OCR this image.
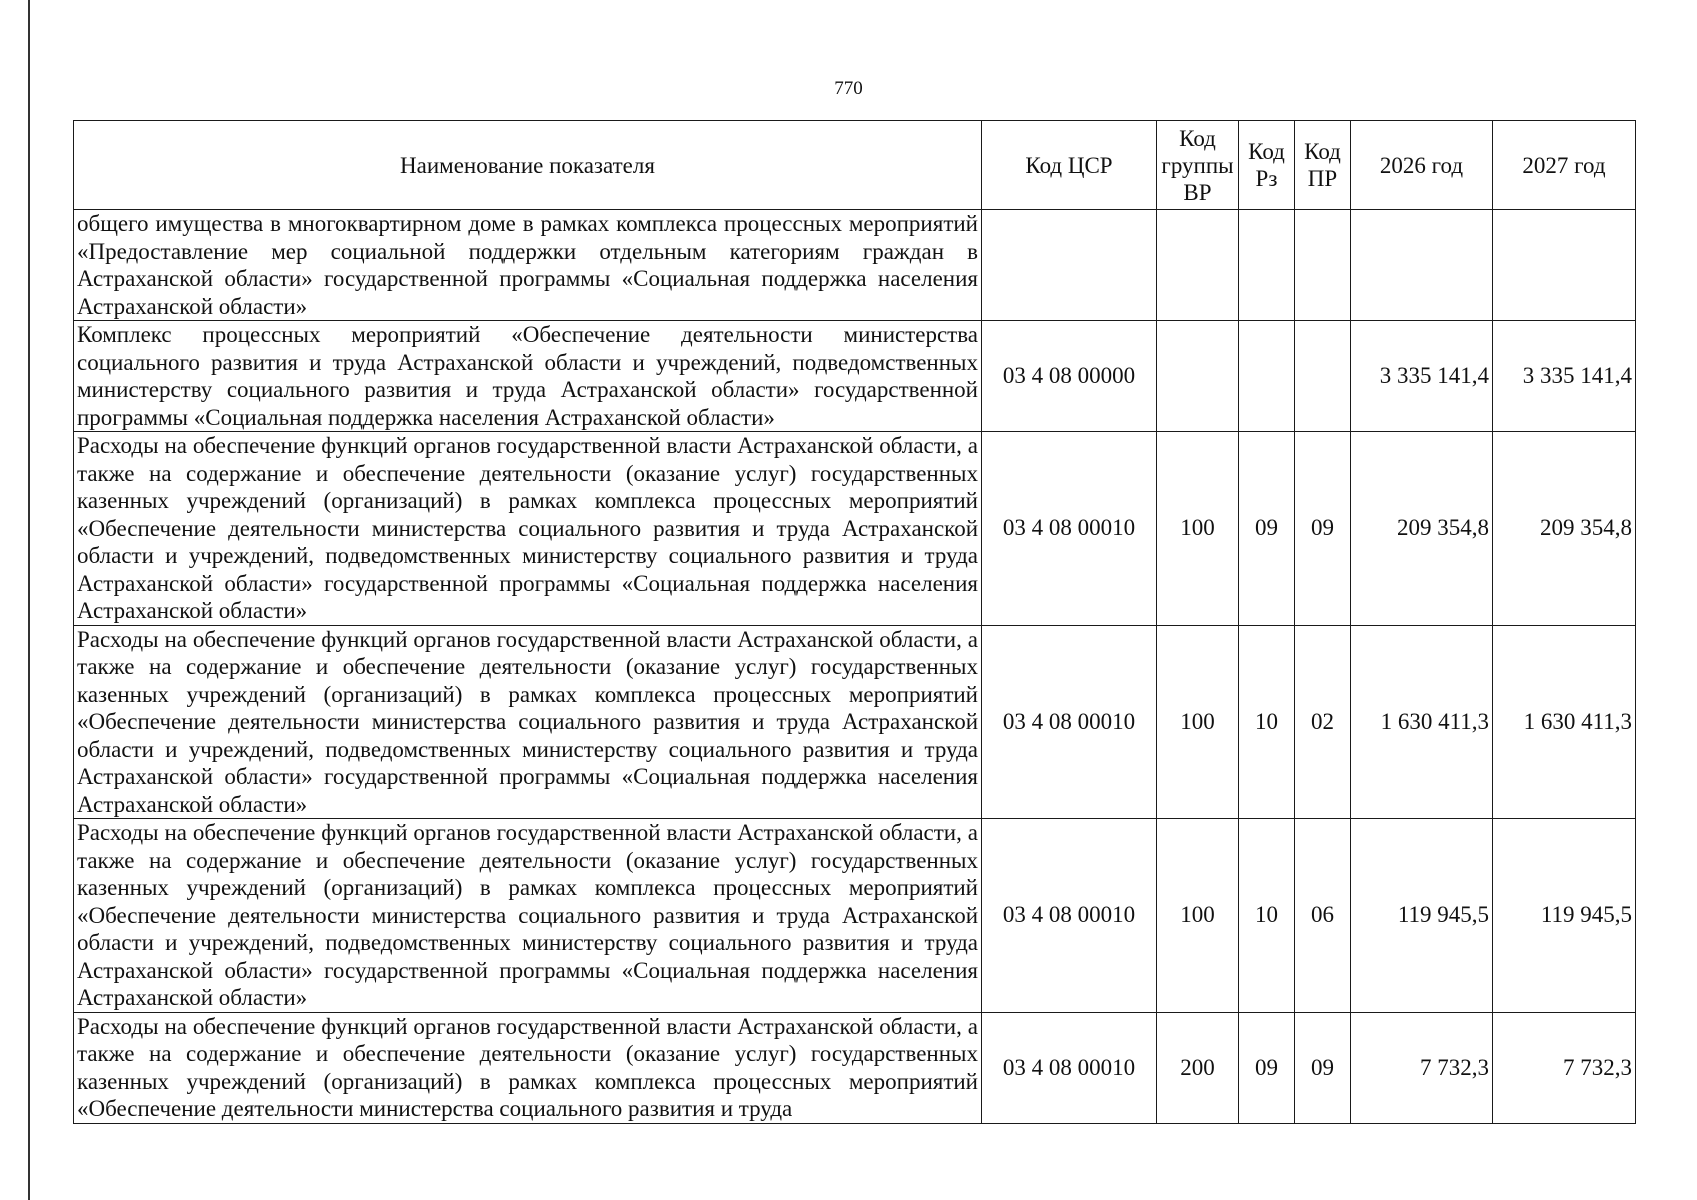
770
Наименование показателя	Код ЦСР	Код группы ВР	Код Рз	Код ПР	2026 год	2027 год
общего имущества в многоквартирном доме в рамках комплекса процессных мероприятий «Предоставление мер социальной поддержки отдельным категориям граждан в Астраханской области» государственной программы «Социальная поддержка населения Астраханской области»						
Комплекс процессных мероприятий «Обеспечение деятельности министерства социального развития и труда Астраханской области и учреждений, подведомственных министерству социального развития и труда Астраханской области» государственной программы «Социальная поддержка населения Астраханской области»	03 4 08 00000				3 335 141,4	3 335 141,4
Расходы на обеспечение функций органов государственной власти Астраханской области, а также на содержание и обеспечение деятельности (оказание услуг) государственных казенных учреждений (организаций) в рамках комплекса процессных мероприятий «Обеспечение деятельности министерства социального развития и труда Астраханской области и учреждений, подведомственных министерству социального развития и труда Астраханской области» государственной программы «Социальная поддержка населения Астраханской области»	03 4 08 00010	100	09	09	209 354,8	209 354,8
Расходы на обеспечение функций органов государственной власти Астраханской области, а также на содержание и обеспечение деятельности (оказание услуг) государственных казенных учреждений (организаций) в рамках комплекса процессных мероприятий «Обеспечение деятельности министерства социального развития и труда Астраханской области и учреждений, подведомственных министерству социального развития и труда Астраханской области» государственной программы «Социальная поддержка населения Астраханской области»	03 4 08 00010	100	10	02	1 630 411,3	1 630 411,3
Расходы на обеспечение функций органов государственной власти Астраханской области, а также на содержание и обеспечение деятельности (оказание услуг) государственных казенных учреждений (организаций) в рамках комплекса процессных мероприятий «Обеспечение деятельности министерства социального развития и труда Астраханской области и учреждений, подведомственных министерству социального развития и труда Астраханской области» государственной программы «Социальная поддержка населения Астраханской области»	03 4 08 00010	100	10	06	119 945,5	119 945,5
Расходы на обеспечение функций органов государственной власти Астраханской области, а также на содержание и обеспечение деятельности (оказание услуг) государственных казенных учреждений (организаций) в рамках комплекса процессных мероприятий «Обеспечение деятельности министерства социального развития и труда	03 4 08 00010	200	09	09	7 732,3	7 732,3
